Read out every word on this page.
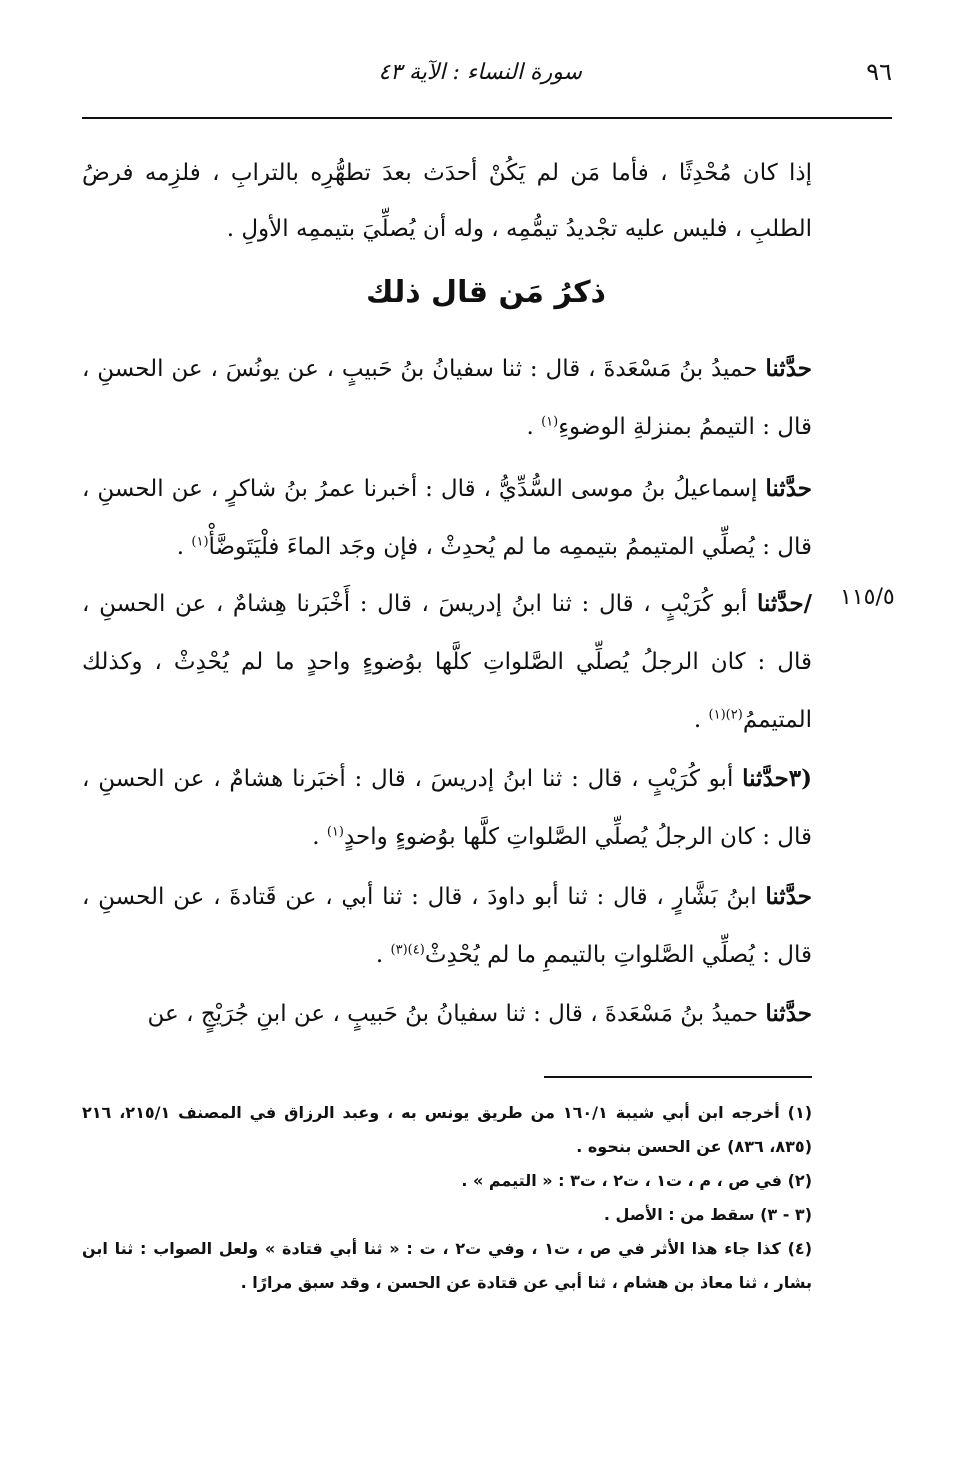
٩٦
سورة النساء : الآية ٤٣
إذا كان مُحْدِثًا ، فأما مَن لم يَكُنْ أحدَث بعدَ تطهُّرِه بالترابِ ، فلزِمه فرضُ الطلبِ ، فليس عليه تجْديدُ تيمُّمِه ، وله أن يُصلِّيَ بتيممِه الأولِ .
ذكرُ مَن قال ذلك
١١٥/٥
حدَّثنا حميدُ بنُ مَسْعَدةَ ، قال : ثنا سفيانُ بنُ حَبيبٍ ، عن يونُسَ ، عن الحسنِ ، قال : التيممُ بمنزلةِ الوضوءِ$^{(١)}$ .
حدَّثنا إسماعيلُ بنُ موسى السُّدِّيُّ ، قال : أخبرنا عمرُ بنُ شاكرٍ ، عن الحسنِ ، قال : يُصلِّي المتيممُ بتيممِه ما لم يُحدِثْ ، فإن وجَد الماءَ فلْيَتَوضَّأْ$^{(١)}$ .
/حدَّثنا أبو كُرَيْبٍ ، قال : ثنا ابنُ إدريسَ ، قال : أَخْبَرنا هِشامٌ ، عن الحسنِ ، قال : كان الرجلُ يُصلِّي الصَّلواتِ كلَّها بوُضوءٍ واحدٍ ما لم يُحْدِثْ ، وكذلك المتيممُ$^{(٢)(١)}$ .
(٣حدَّثنا أبو كُرَيْبٍ ، قال : ثنا ابنُ إدريسَ ، قال : أخبَرنا هشامٌ ، عن الحسنِ ، قال : كان الرجلُ يُصلِّي الصَّلواتِ كلَّها بوُضوءٍ واحدٍ$^{(١)}$ .
حدَّثنا ابنُ بَشَّارٍ ، قال : ثنا أبو داودَ ، قال : ثنا أبي ، عن قَتادةَ ، عن الحسنِ ، قال : يُصلِّي الصَّلواتِ بالتيممِ ما لم يُحْدِثْ$^{(٤)(٣)}$ .
حدَّثنا حميدُ بنُ مَسْعَدةَ ، قال : ثنا سفيانُ بنُ حَبيبٍ ، عن ابنِ جُرَيْجٍ ، عن

(١) أخرجه ابن أبي شيبة ١٦٠/١ من طريق يونس به ، وعبد الرزاق في المصنف ٢١٥/١، ٢١٦ (٨٣٥، ٨٣٦) عن الحسن بنحوه .

(٢) في ص ، م ، ت١ ، ت٢ ، ت٣ : « التيمم » .

(٣ - ٣) سقط من : الأصل .

(٤) كذا جاء هذا الأثر في ص ، ت١ ، وفي ت٢ ، ت : « ثنا أبي قتادة » ولعل الصواب : ثنا ابن بشار ، ثنا معاذ بن هشام ، ثنا أبي عن قتادة عن الحسن ، وقد سبق مرارًا .
